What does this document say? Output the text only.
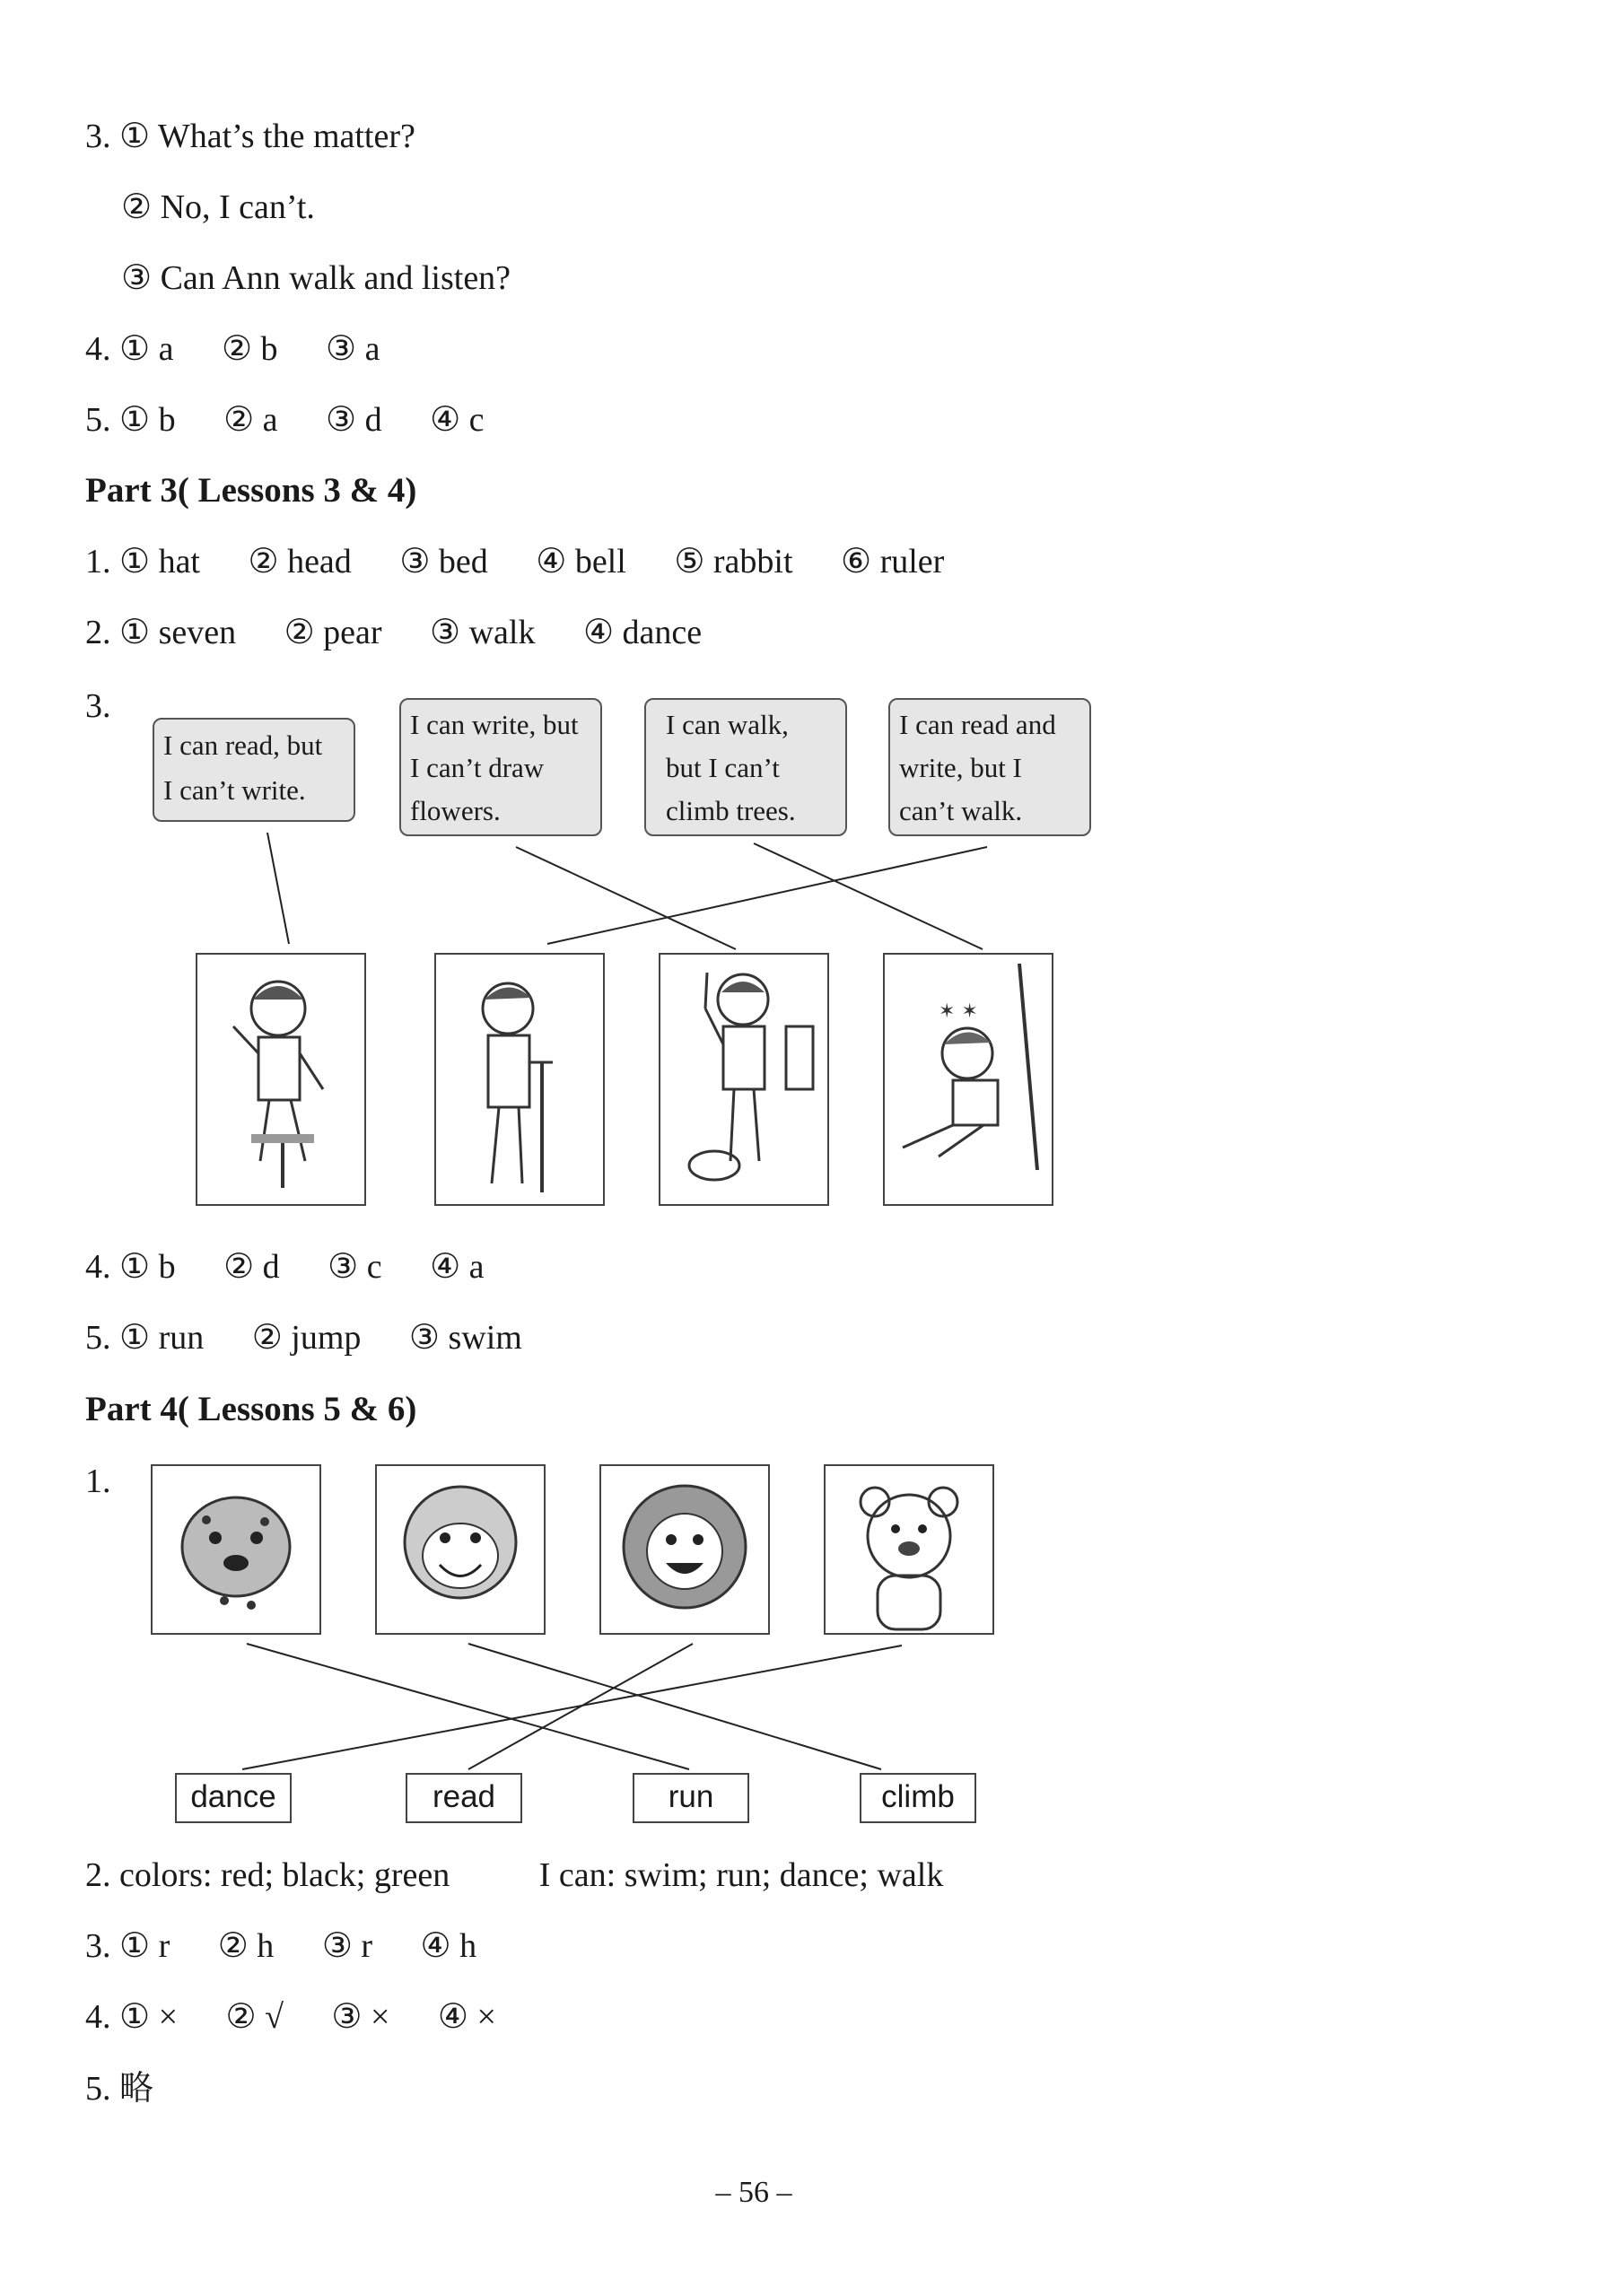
3. ① What’s the matter?
② No, I can’t.
③ Can Ann walk and listen?
4. ① a ② b ③ a
5. ① b ② a ③ d ④ c
Part 3( Lessons 3 & 4)
1. ① hat ② head ③ bed ④ bell ⑤ rabbit ⑥ ruler
2. ① seven ② pear ③ walk ④ dance
3.
I can read, but
I can’t write.
I can write, but
I can’t draw
flowers.
I can walk,
but I can’t
climb trees.
I can read and
write, but I
can’t walk.
✶ ✶
4. ① b ② d ③ c ④ a
5. ① run ② jump ③ swim
Part 4( Lessons 5 & 6)
1.
dance	read	run	climb
2. colors: red; black; green	I can: swim; run; dance; walk
3. ① r ② h ③ r ④ h
4. ① × ② √ ③ × ④ ×
5. 略
– 56 –
